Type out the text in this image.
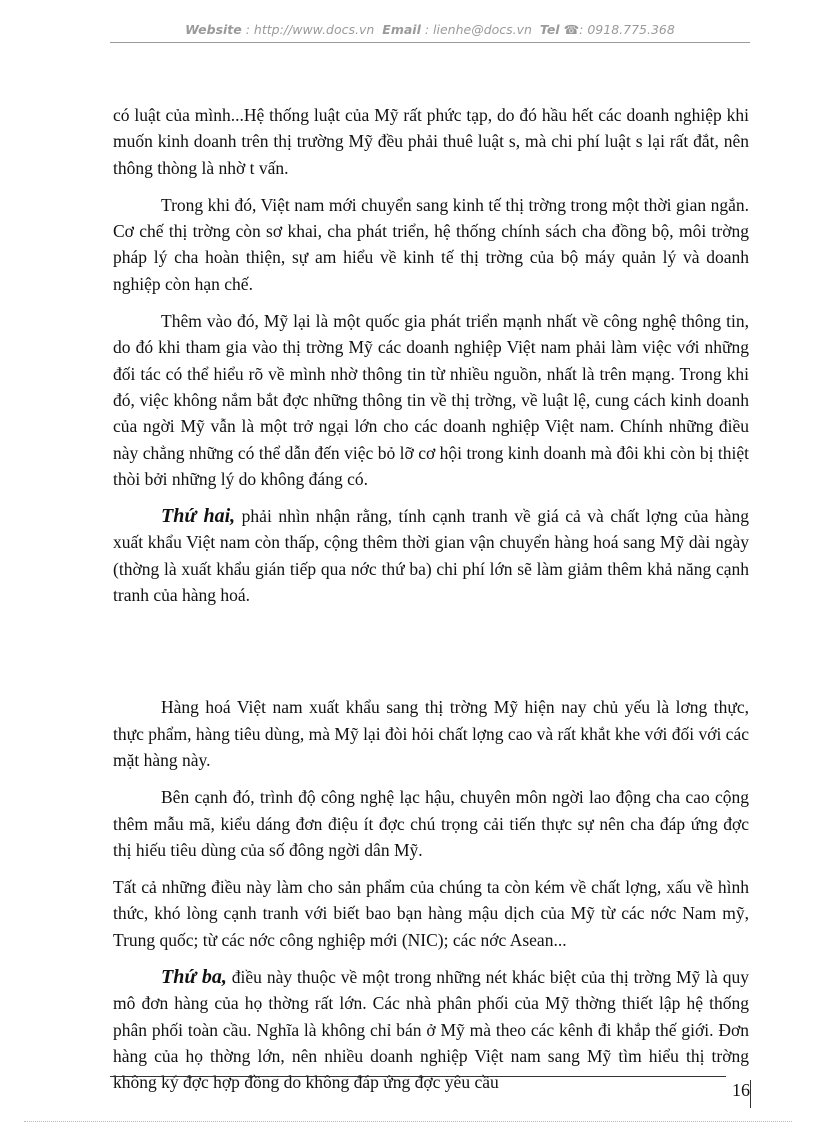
Website : http://www.docs.vn Email : lienhe@docs.vn Tel ☎: 0918.775.368

có luật của mình...Hệ thống luật của Mỹ rất phức tạp, do đó hầu hết các doanh nghiệp khi muốn kinh doanh trên thị trường Mỹ đều phải thuê luật s, mà chi phí luật s lại rất đắt, nên thông thòng là nhờ t vấn.

Trong khi đó, Việt nam mới chuyển sang kinh tế thị trờng trong một thời gian ngắn. Cơ chế thị trờng còn sơ khai, cha phát triển, hệ thống chính sách cha đồng bộ, môi trờng pháp lý cha hoàn thiện, sự am hiểu về kinh tế thị trờng của bộ máy quản lý và doanh nghiệp còn hạn chế.

Thêm vào đó, Mỹ lại là một quốc gia phát triển mạnh nhất về công nghệ thông tin, do đó khi tham gia vào thị trờng Mỹ các doanh nghiệp Việt nam phải làm việc với những đối tác có thể hiểu rõ về mình nhờ thông tin từ nhiều nguồn, nhất là trên mạng. Trong khi đó, việc không nắm bắt đợc những thông tin về thị trờng, về luật lệ, cung cách kinh doanh của ngời Mỹ vẫn là một trở ngại lớn cho các doanh nghiệp Việt nam. Chính những điều này chẳng những có thể dẫn đến việc bỏ lỡ cơ hội trong kinh doanh mà đôi khi còn bị thiệt thòi bởi những lý do không đáng có.

Thứ hai, phải nhìn nhận rằng, tính cạnh tranh về giá cả và chất lợng của hàng xuất khẩu Việt nam còn thấp, cộng thêm thời gian vận chuyển hàng hoá sang Mỹ dài ngày (thờng là xuất khẩu gián tiếp qua nớc thứ ba) chi phí lớn sẽ làm giảm thêm khả năng cạnh tranh của hàng hoá.

Hàng hoá Việt nam xuất khẩu sang thị trờng Mỹ hiện nay chủ yếu là lơng thực, thực phẩm, hàng tiêu dùng, mà Mỹ lại đòi hỏi chất lợng cao và rất khắt khe với đối với các mặt hàng này.

Bên cạnh đó, trình độ công nghệ lạc hậu, chuyên môn ngời lao động cha cao cộng thêm mẫu mã, kiểu dáng đơn điệu ít đợc chú trọng cải tiến thực sự nên cha đáp ứng đợc thị hiếu tiêu dùng của số đông ngời dân Mỹ.

Tất cả những điều này làm cho sản phẩm của chúng ta còn kém về chất lợng, xấu về hình thức, khó lòng cạnh tranh với biết bao bạn hàng mậu dịch của Mỹ từ các nớc Nam mỹ, Trung quốc; từ các nớc công nghiệp mới (NIC); các nớc Asean...

Thứ ba, điều này thuộc về một trong những nét khác biệt của thị trờng Mỹ là quy mô đơn hàng của họ thờng rất lớn. Các nhà phân phối của Mỹ thờng thiết lập hệ thống phân phối toàn cầu. Nghĩa là không chỉ bán ở Mỹ mà theo các kênh đi khắp thế giới. Đơn hàng của họ thờng lớn, nên nhiều doanh nghiệp Việt nam sang Mỹ tìm hiểu thị trờng không ký đợc hợp đồng do không đáp ứng đợc yêu cầu	16
